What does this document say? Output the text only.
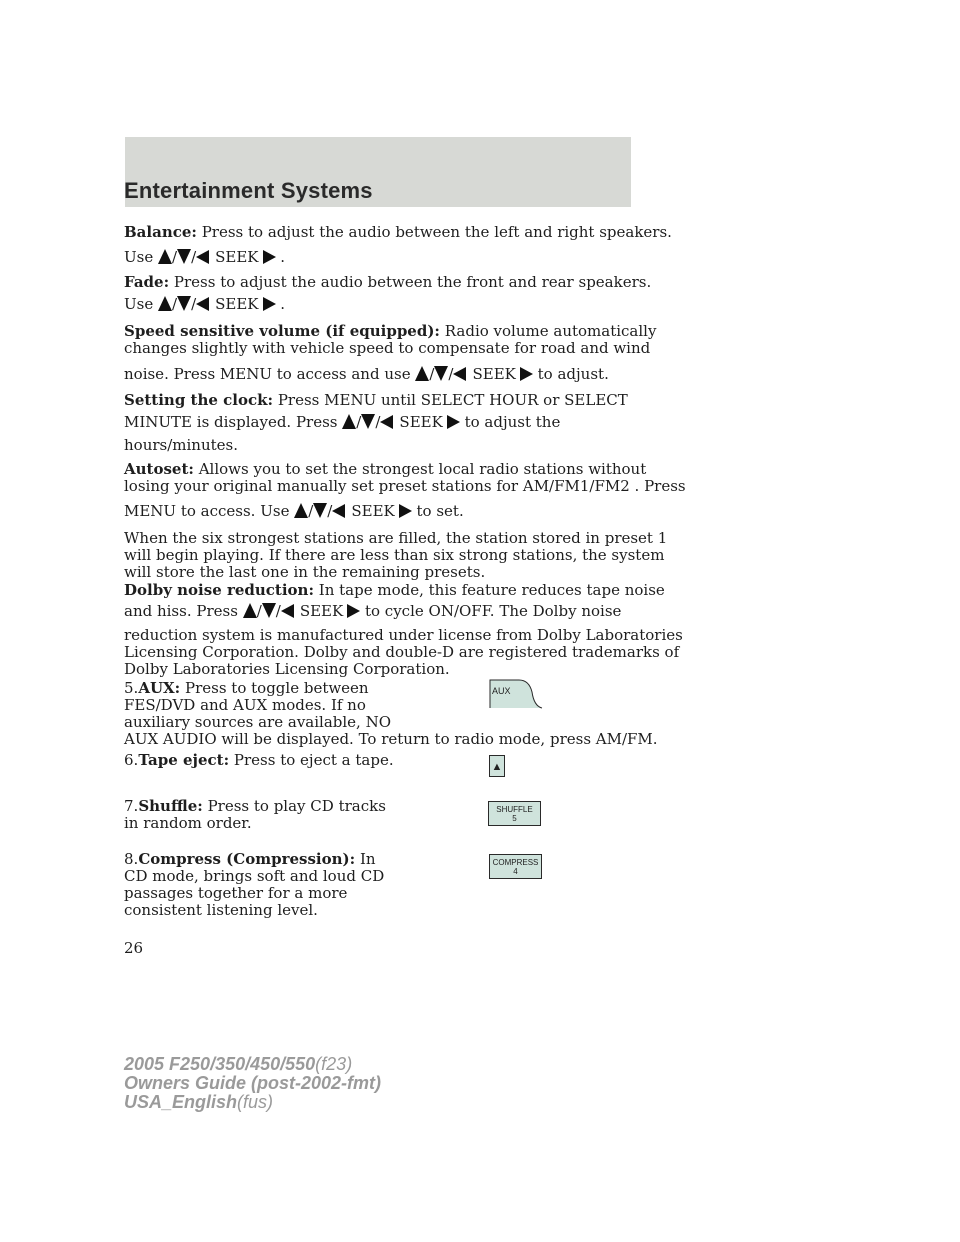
Entertainment Systems
Balance: Press to adjust the audio between the left and right speakers.
Use / / SEEK .
Fade: Press to adjust the audio between the front and rear speakers.
Use / / SEEK .
Speed sensitive volume (if equipped): Radio volume automatically
changes slightly with vehicle speed to compensate for road and wind
noise. Press MENU to access and use / / SEEK to adjust.
Setting the clock: Press MENU until SELECT HOUR or SELECT
MINUTE is displayed. Press / / SEEK to adjust the
hours/minutes.
Autoset: Allows you to set the strongest local radio stations without
losing your original manually set preset stations for AM/FM1/FM2 . Press
MENU to access. Use / / SEEK to set.
When the six strongest stations are filled, the station stored in preset 1
will begin playing. If there are less than six strong stations, the system
will store the last one in the remaining presets.
Dolby noise reduction: In tape mode, this feature reduces tape noise
and hiss. Press / / SEEK to cycle ON/OFF. The Dolby noise
reduction system is manufactured under license from Dolby Laboratories
Licensing Corporation. Dolby and double-D are registered trademarks of
Dolby Laboratories Licensing Corporation.
5.AUX: Press to toggle between
FES/DVD and AUX modes. If no
auxiliary sources are available, NO
AUX AUDIO will be displayed. To return to radio mode, press AM/FM.
AUX
6.Tape eject: Press to eject a tape.	▲
7.Shuffle: Press to play CD tracks
in random order.
SHUFFLE
5
8.Compress (Compression): In
CD mode, brings soft and loud CD
passages together for a more
consistent listening level.
COMPRESS
4
26
2005 F250/350/450/550(f23)
Owners Guide (post-2002-fmt)
USA_English(fus)
